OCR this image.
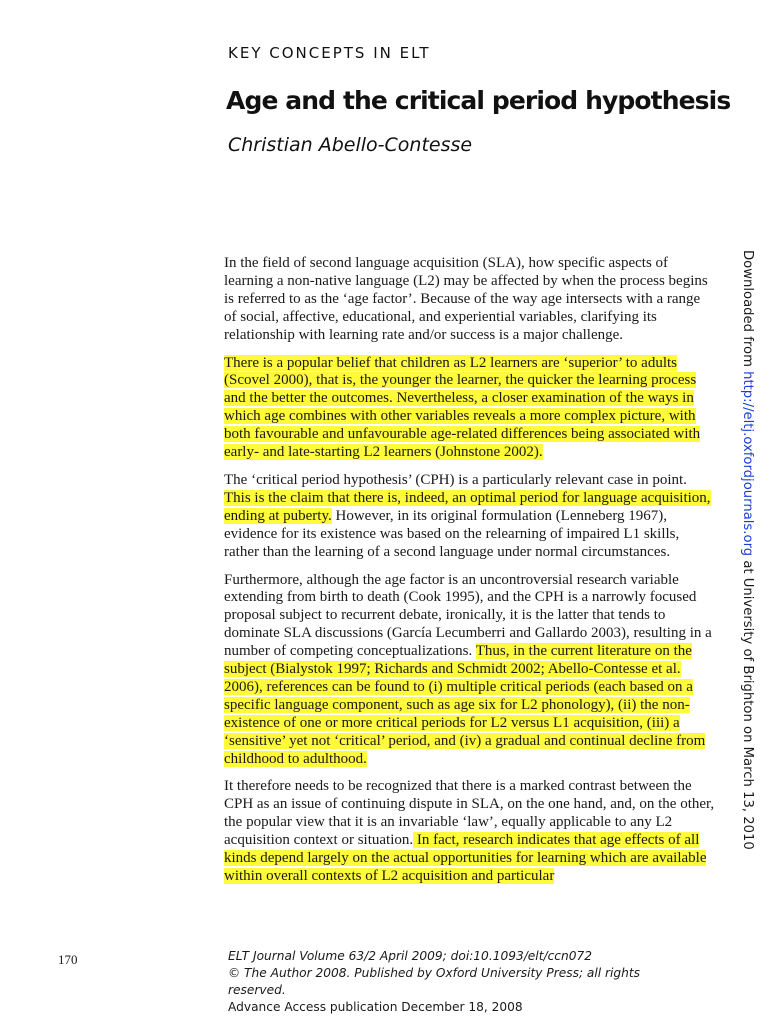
KEY CONCEPTS IN ELT
Age and the critical period hypothesis
Christian Abello-Contesse
Downloaded from http://eltj.oxfordjournals.org at University of Brighton on March 13, 2010

In the field of second language acquisition (SLA), how specific aspects of learning a non-native language (L2) may be affected by when the process begins is referred to as the ‘age factor’. Because of the way age intersects with a range of social, affective, educational, and experiential variables, clarifying its relationship with learning rate and/or success is a major challenge.

There is a popular belief that children as L2 learners are ‘superior’ to adults (Scovel 2000), that is, the younger the learner, the quicker the learning process and the better the outcomes. Nevertheless, a closer examination of the ways in which age combines with other variables reveals a more complex picture, with both favourable and unfavourable age-related differences being associated with early- and late-starting L2 learners (Johnstone 2002).

The ‘critical period hypothesis’ (CPH) is a particularly relevant case in point. This is the claim that there is, indeed, an optimal period for language acquisition, ending at puberty. However, in its original formulation (Lenneberg 1967), evidence for its existence was based on the relearning of impaired L1 skills, rather than the learning of a second language under normal circumstances.

Furthermore, although the age factor is an uncontroversial research variable extending from birth to death (Cook 1995), and the CPH is a narrowly focused proposal subject to recurrent debate, ironically, it is the latter that tends to dominate SLA discussions (García Lecumberri and Gallardo 2003), resulting in a number of competing conceptualizations. Thus, in the current literature on the subject (Bialystok 1997; Richards and Schmidt 2002; Abello-Contesse et al. 2006), references can be found to (i) multiple critical periods (each based on a specific language component, such as age six for L2 phonology), (ii) the non-existence of one or more critical periods for L2 versus L1 acquisition, (iii) a ‘sensitive’ yet not ‘critical’ period, and (iv) a gradual and continual decline from childhood to adulthood.

It therefore needs to be recognized that there is a marked contrast between the CPH as an issue of continuing dispute in SLA, on the one hand, and, on the other, the popular view that it is an invariable ‘law’, equally applicable to any L2 acquisition context or situation. In fact, research indicates that age effects of all kinds depend largely on the actual opportunities for learning which are available within overall contexts of L2 acquisition and particular

170	ELT Journal Volume 63/2 April 2009; doi:10.1093/elt/ccn072
© The Author 2008. Published by Oxford University Press; all rights reserved.
Advance Access publication December 18, 2008
